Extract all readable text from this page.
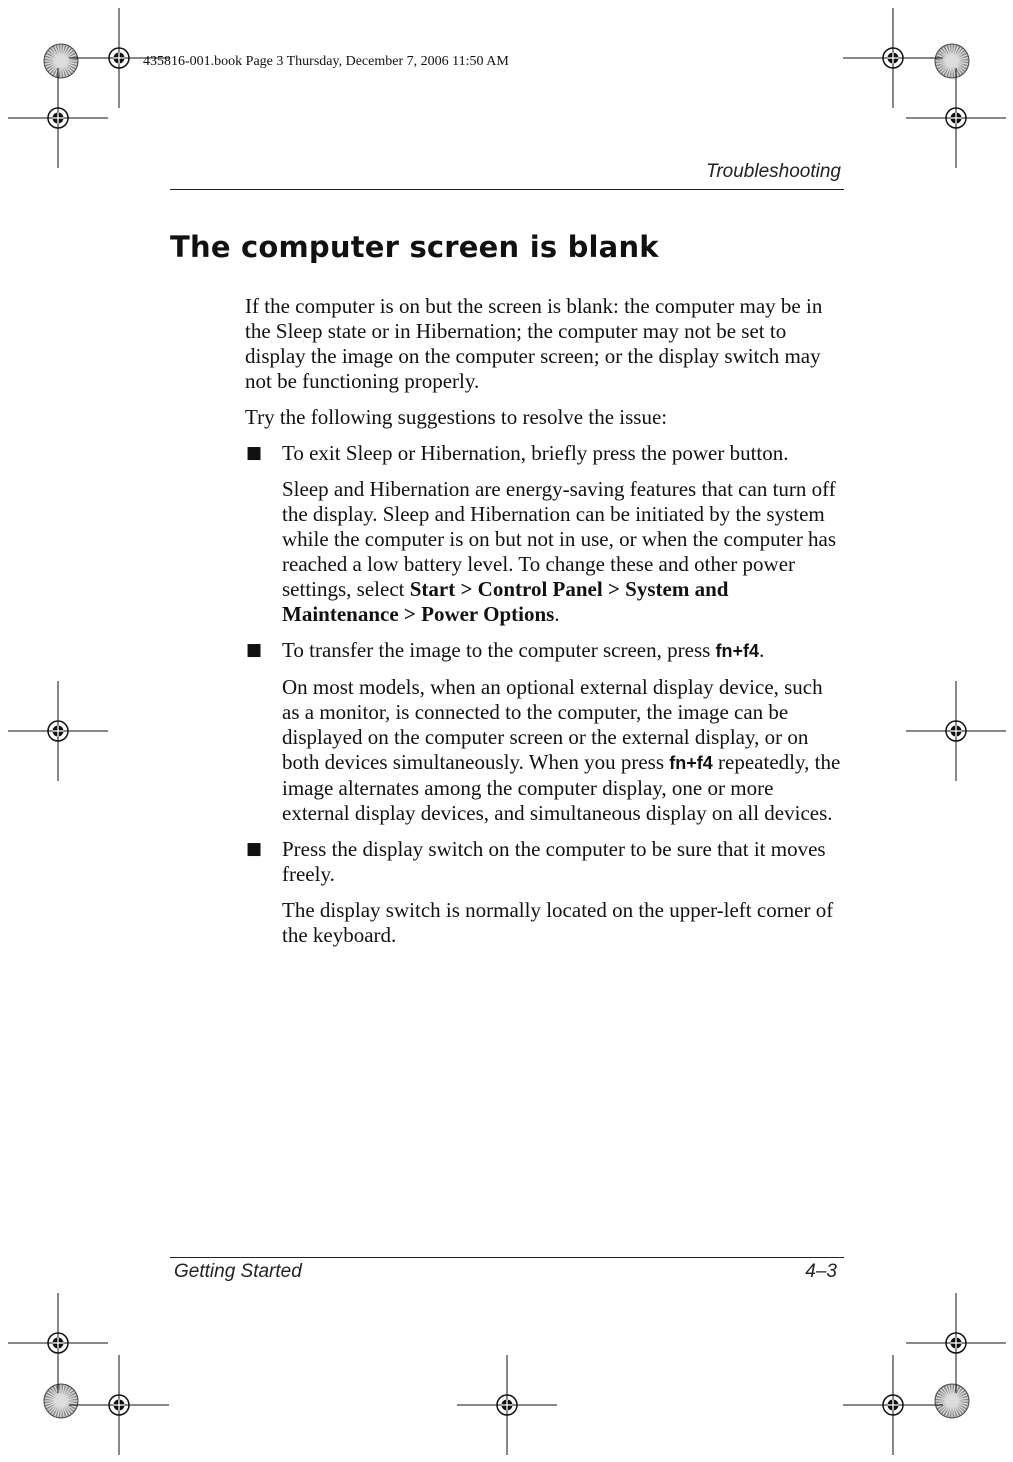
435816-001.book Page 3 Thursday, December 7, 2006 11:50 AM
Troubleshooting
The computer screen is blank

If the computer is on but the screen is blank: the computer may be in the Sleep state or in Hibernation; the computer may not be set to display the image on the computer screen; or the display switch may not be functioning properly.

Try the following suggestions to resolve the issue:

■ To exit Sleep or Hibernation, briefly press the power button.

Sleep and Hibernation are energy-saving features that can turn off the display. Sleep and Hibernation can be initiated by the system while the computer is on but not in use, or when the computer has reached a low battery level. To change these and other power settings, select Start > Control Panel > System and Maintenance > Power Options.

■ To transfer the image to the computer screen, press fn+f4.

On most models, when an optional external display device, such as a monitor, is connected to the computer, the image can be displayed on the computer screen or the external display, or on both devices simultaneously. When you press fn+f4 repeatedly, the image alternates among the computer display, one or more external display devices, and simultaneous display on all devices.

■ Press the display switch on the computer to be sure that it moves freely.

The display switch is normally located on the upper-left corner of the keyboard.

Getting Started	4–3
